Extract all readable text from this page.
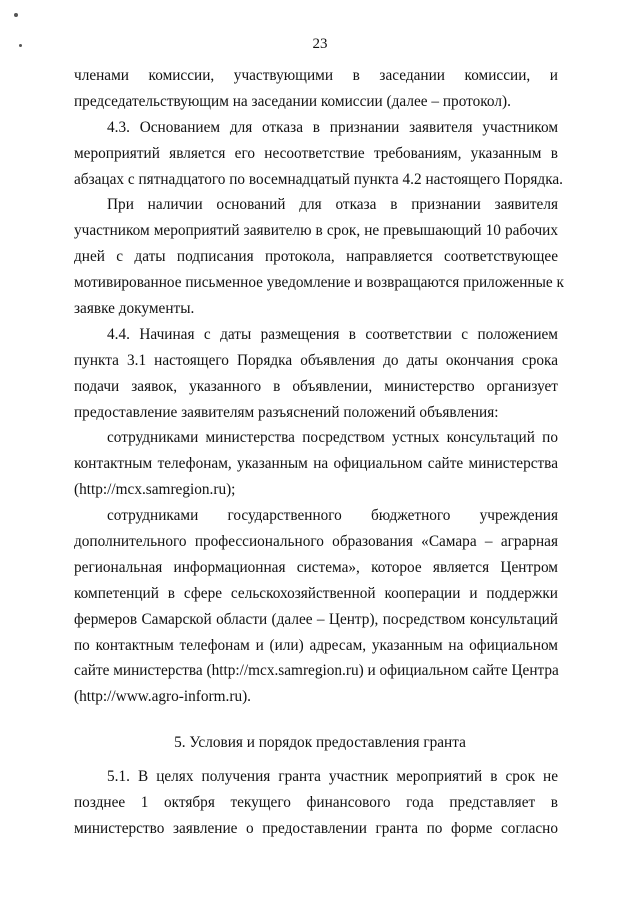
23
членами комиссии, участвующими в заседании комиссии, и
председательствующим на заседании комиссии (далее – протокол).
4.3. Основанием для отказа в признании заявителя участником
мероприятий является его несоответствие требованиям, указанным в
абзацах с пятнадцатого по восемнадцатый пункта 4.2 настоящего Порядка.
При наличии оснований для отказа в признании заявителя
участником мероприятий заявителю в срок, не превышающий 10 рабочих
дней с даты подписания протокола, направляется соответствующее
мотивированное письменное уведомление и возвращаются приложенные к
заявке документы.
4.4. Начиная с даты размещения в соответствии с положением
пункта 3.1 настоящего Порядка объявления до даты окончания срока
подачи заявок, указанного в объявлении, министерство организует
предоставление заявителям разъяснений положений объявления:
сотрудниками министерства посредством устных консультаций по
контактным телефонам, указанным на официальном сайте министерства
(http://mcx.samregion.ru);
сотрудниками государственного бюджетного учреждения
дополнительного профессионального образования «Самара – аграрная
региональная информационная система», которое является Центром
компетенций в сфере сельскохозяйственной кооперации и поддержки
фермеров Самарской области (далее – Центр), посредством консультаций
по контактным телефонам и (или) адресам, указанным на официальном
сайте министерства (http://mcx.samregion.ru) и официальном сайте Центра
(http://www.agro-inform.ru).
5. Условия и порядок предоставления гранта
5.1. В целях получения гранта участник мероприятий в срок не
позднее 1 октября текущего финансового года представляет в
министерство заявление о предоставлении гранта по форме согласно
